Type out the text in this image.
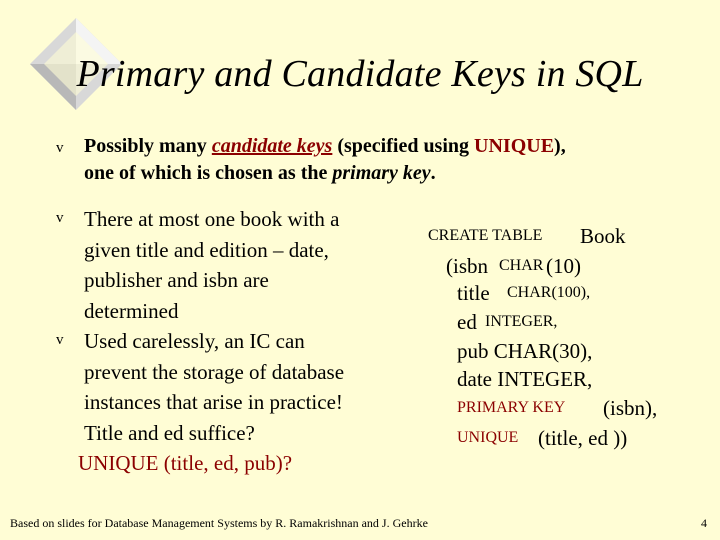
Primary and Candidate Keys in SQL
v Possibly many candidate keys (specified using UNIQUE),
one of which is chosen as the primary key.
v
v

There at most one book with a

given title and edition – date,

publisher and isbn are

determined

Used carelessly, an IC can

prevent the storage of database

instances that arise in practice!

Title and ed suffice?

UNIQUE (title, ed, pub)?

CREATE TABLE Book
(isbn CHAR (10)
title CHAR(100),
ed INTEGER,
pub CHAR(30),
date INTEGER,
PRIMARY KEY (isbn),
UNIQUE (title, ed ))
Based on slides for Database Management Systems by R. Ramakrishnan and J. Gehrke	4
